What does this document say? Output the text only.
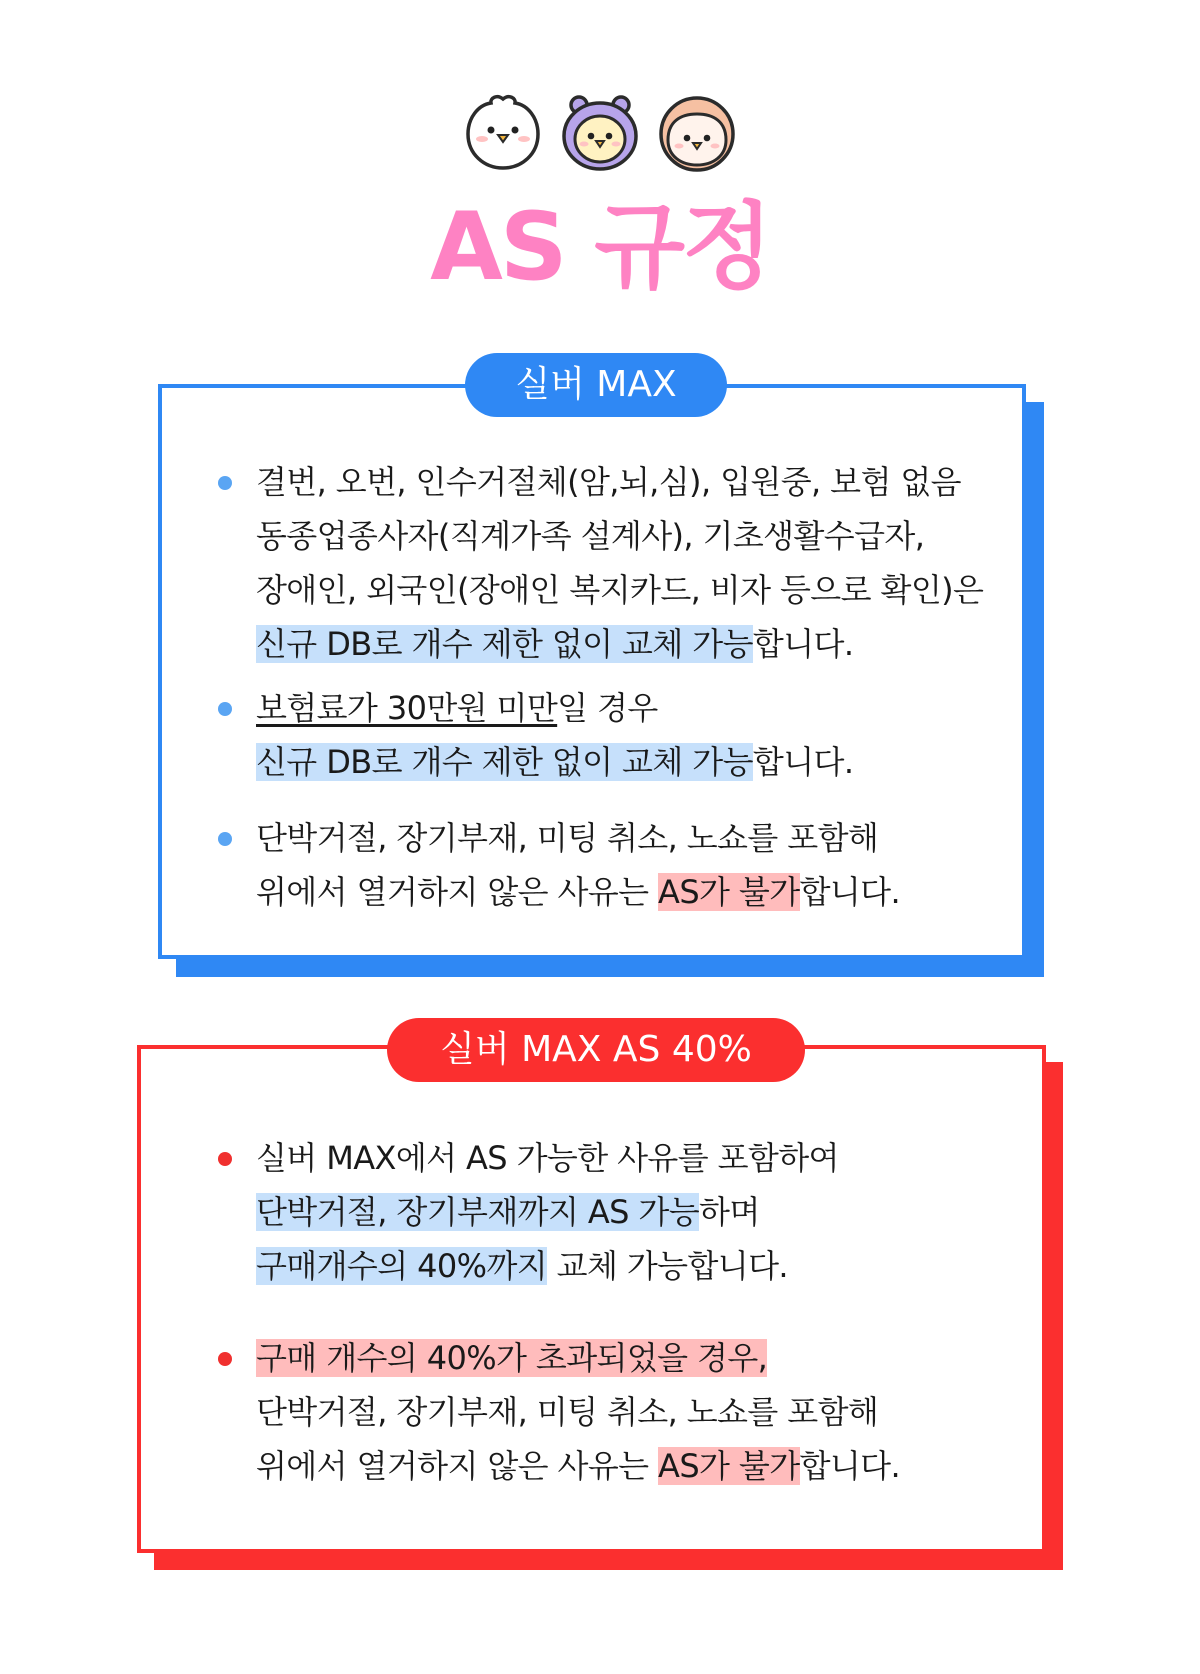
AS 규정
실버 MAX
결번, 오번, 인수거절체(암,뇌,심), 입원중, 보험 없음
동종업종사자(직계가족 설계사), 기초생활수급자,
장애인, 외국인(장애인 복지카드, 비자 등으로 확인)은
신규 DB로 개수 제한 없이 교체 가능합니다.
보험료가 30만원 미만일 경우
신규 DB로 개수 제한 없이 교체 가능합니다.
단박거절, 장기부재, 미팅 취소, 노쇼를 포함해
위에서 열거하지 않은 사유는 AS가 불가합니다.
실버 MAX AS 40%
실버 MAX에서 AS 가능한 사유를 포함하여
단박거절, 장기부재까지 AS 가능하며
구매개수의 40%까지 교체 가능합니다.
구매 개수의 40%가 초과되었을 경우,
단박거절, 장기부재, 미팅 취소, 노쇼를 포함해
위에서 열거하지 않은 사유는 AS가 불가합니다.
